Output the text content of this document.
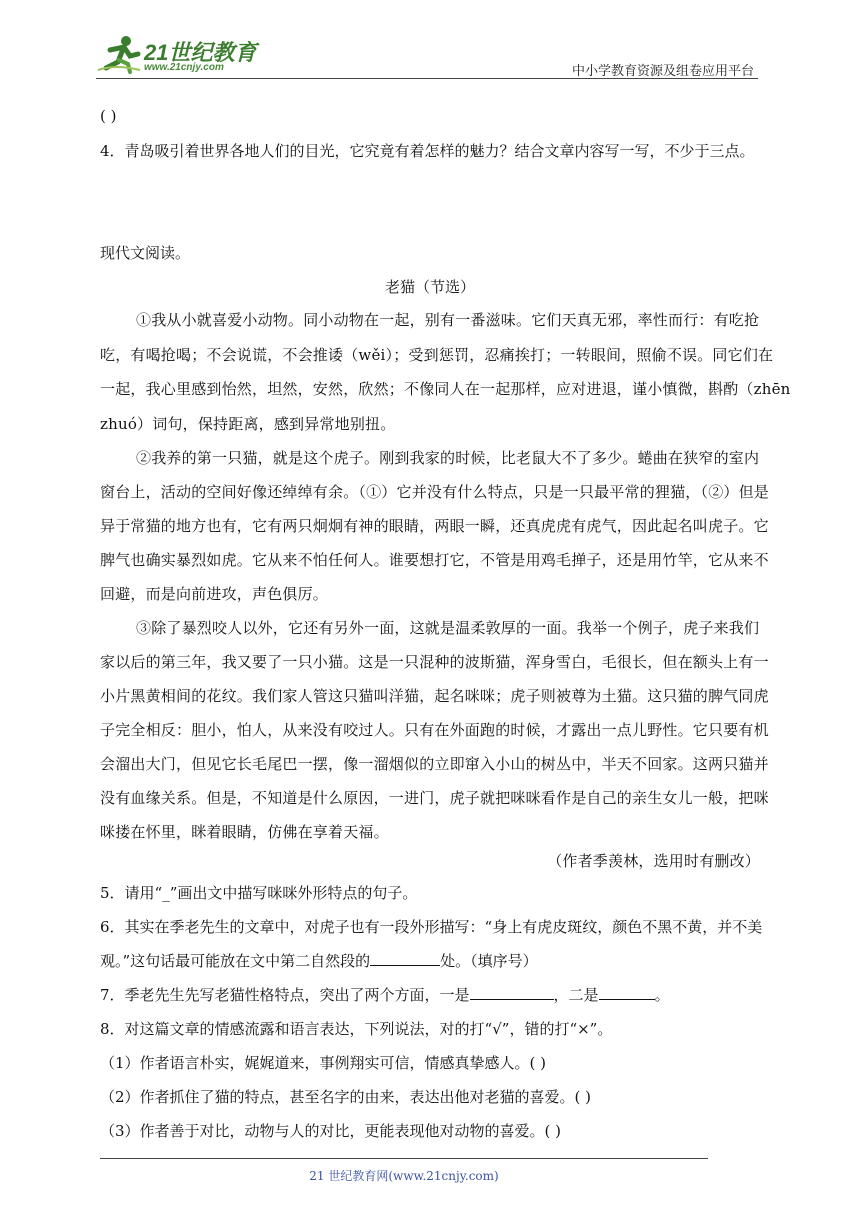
21世纪教育
www.21cnjy.com	中小学教育资源及组卷应用平台
( )
4．青岛吸引着世界各地人们的目光，它究竟有着怎样的魅力？结合文章内容写一写，不少于三点。
现代文阅读。
老猫（节选）
①我从小就喜爱小动物。同小动物在一起，别有一番滋味。它们天真无邪，率性而行：有吃抢
吃，有喝抢喝；不会说谎，不会推诿（wěi）；受到惩罚，忍痛挨打；一转眼间，照偷不误。同它们在
一起，我心里感到怡然，坦然，安然，欣然；不像同人在一起那样，应对进退，谨小慎微，斟酌（zhēn
zhuó）词句，保持距离，感到异常地别扭。
②我养的第一只猫，就是这个虎子。刚到我家的时候，比老鼠大不了多少。蜷曲在狭窄的室内
窗台上，活动的空间好像还绰绰有余。（①）它并没有什么特点，只是一只最平常的狸猫，（②）但是
异于常猫的地方也有，它有两只炯炯有神的眼睛，两眼一瞬，还真虎虎有虎气，因此起名叫虎子。它
脾气也确实暴烈如虎。它从来不怕任何人。谁要想打它，不管是用鸡毛掸子，还是用竹竿，它从来不
回避，而是向前进攻，声色俱厉。
③除了暴烈咬人以外，它还有另外一面，这就是温柔敦厚的一面。我举一个例子，虎子来我们
家以后的第三年，我又要了一只小猫。这是一只混种的波斯猫，浑身雪白，毛很长，但在额头上有一
小片黑黄相间的花纹。我们家人管这只猫叫洋猫，起名咪咪；虎子则被尊为土猫。这只猫的脾气同虎
子完全相反：胆小，怕人，从来没有咬过人。只有在外面跑的时候，才露出一点儿野性。它只要有机
会溜出大门，但见它长毛尾巴一摆，像一溜烟似的立即窜入小山的树丛中，半天不回家。这两只猫并
没有血缘关系。但是，不知道是什么原因，一进门，虎子就把咪咪看作是自己的亲生女儿一般，把咪
咪搂在怀里，眯着眼睛，仿佛在享着天福。
（作者季羡林，选用时有删改）
5．请用“_”画出文中描写咪咪外形特点的句子。
6．其实在季老先生的文章中，对虎子也有一段外形描写：“身上有虎皮斑纹，颜色不黑不黄，并不美
观。”这句话最可能放在文中第二自然段的	处。（填序号）
7．季老先生先写老猫性格特点，突出了两个方面，一是	，二是	。
8．对这篇文章的情感流露和语言表达，下列说法，对的打“√”，错的打“×”。
（1）作者语言朴实，娓娓道来，事例翔实可信，情感真挚感人。( )
（2）作者抓住了猫的特点，甚至名字的由来，表达出他对老猫的喜爱。( )
（3）作者善于对比，动物与人的对比，更能表现他对动物的喜爱。( )
21 世纪教育网(www.21cnjy.com)
